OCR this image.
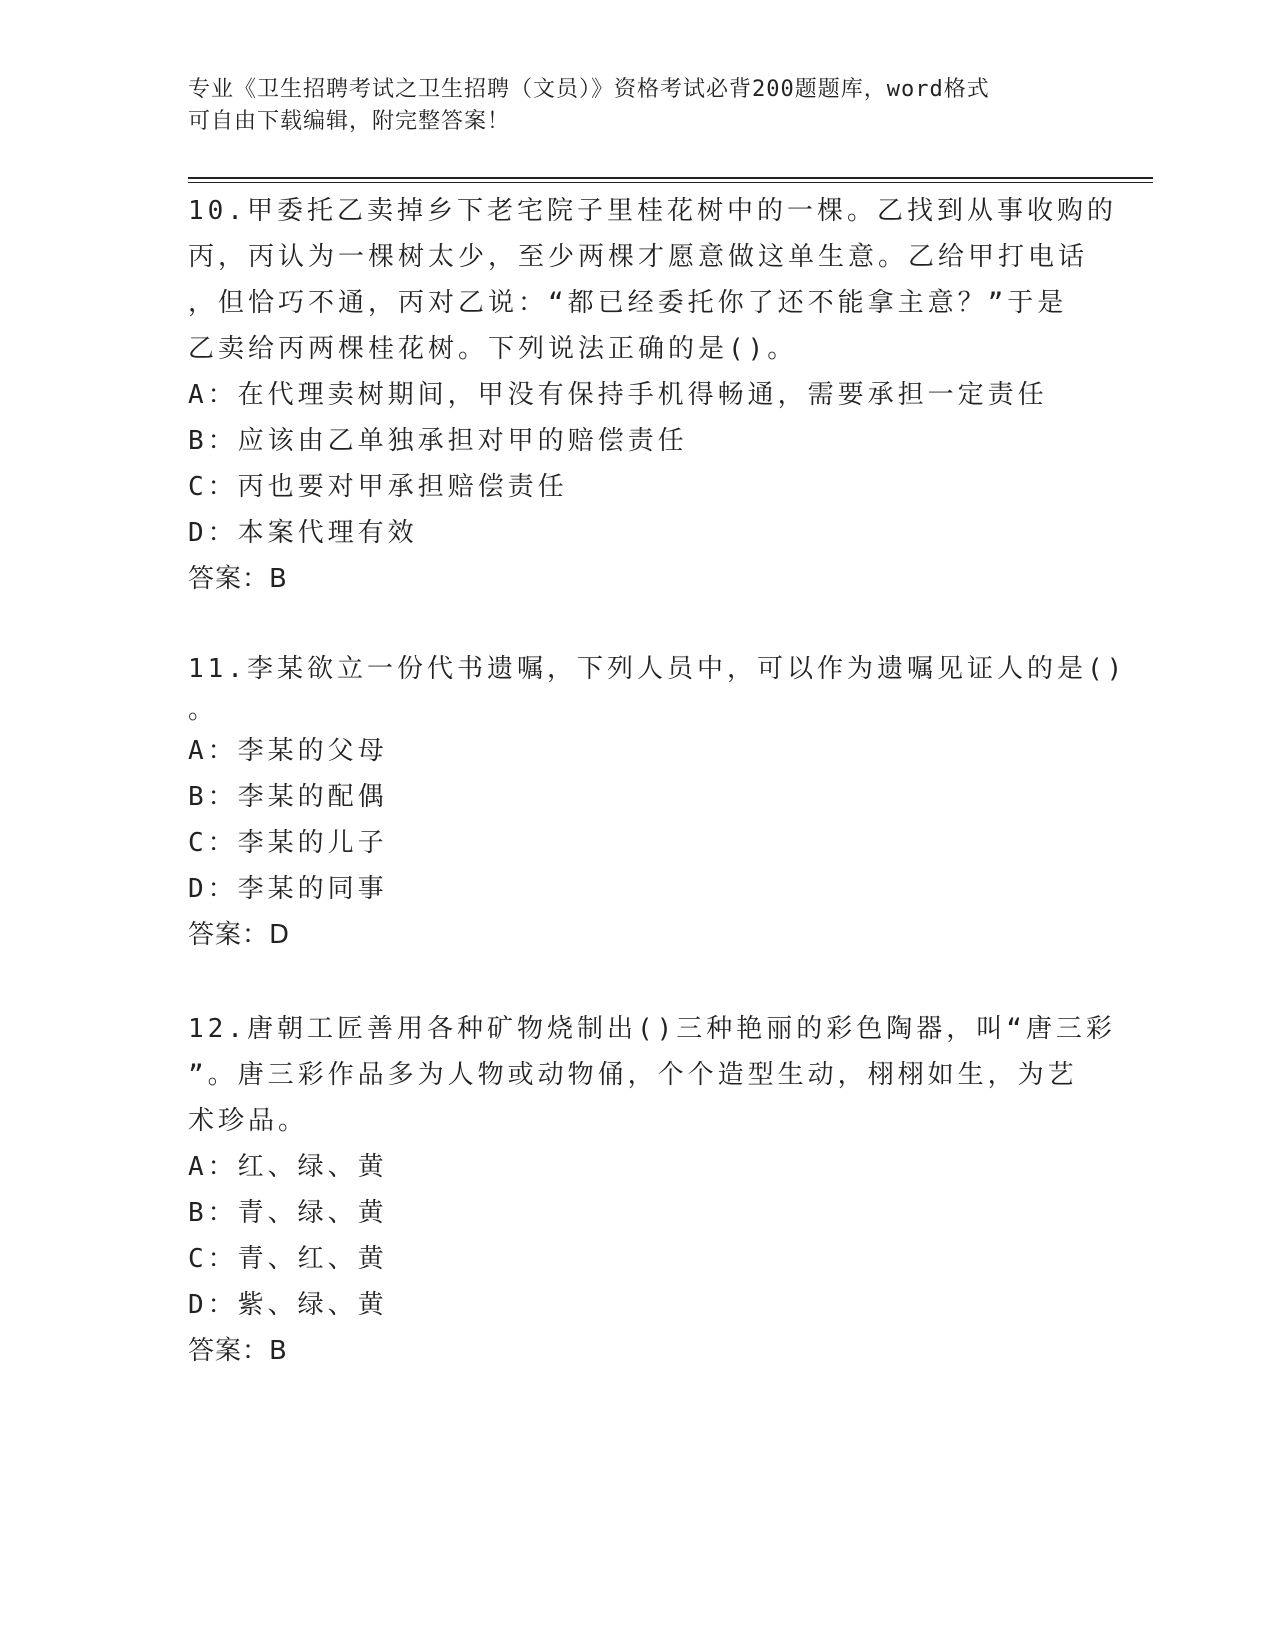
专业《卫生招聘考试之卫生招聘（文员）》资格考试必背200题题库，word格式
可自由下载编辑，附完整答案！
10.甲委托乙卖掉乡下老宅院子里桂花树中的一棵。乙找到从事收购的
丙，丙认为一棵树太少，至少两棵才愿意做这单生意。乙给甲打电话
，但恰巧不通，丙对乙说：“都已经委托你了还不能拿主意？”于是
乙卖给丙两棵桂花树。下列说法正确的是()。
A：在代理卖树期间，甲没有保持手机得畅通，需要承担一定责任
B：应该由乙单独承担对甲的赔偿责任
C：丙也要对甲承担赔偿责任
D：本案代理有效
答案：B
11.李某欲立一份代书遗嘱，下列人员中，可以作为遗嘱见证人的是()
。
A：李某的父母
B：李某的配偶
C：李某的儿子
D：李某的同事
答案：D
12.唐朝工匠善用各种矿物烧制出()三种艳丽的彩色陶器，叫“唐三彩
”。唐三彩作品多为人物或动物俑，个个造型生动，栩栩如生，为艺
术珍品。
A：红、绿、黄
B：青、绿、黄
C：青、红、黄
D：紫、绿、黄
答案：B
